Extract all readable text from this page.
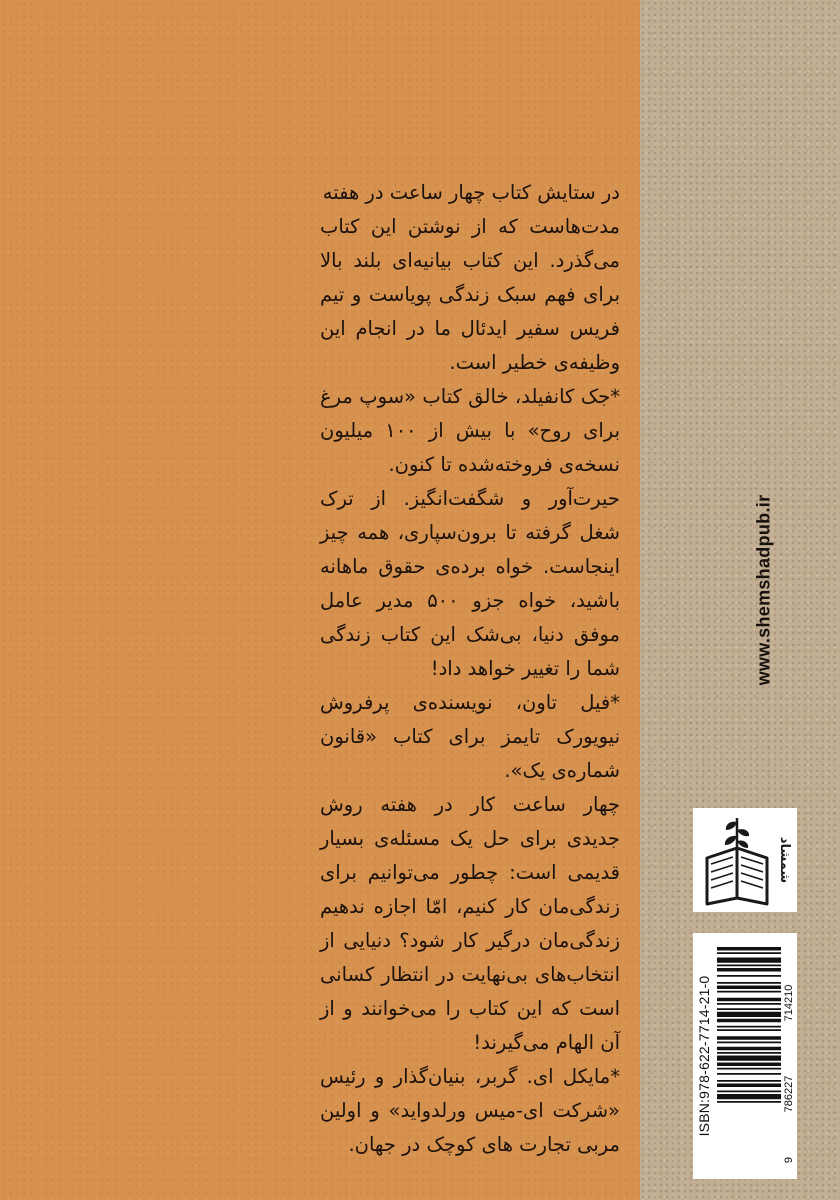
در ستایش کتاب چهار ساعت در هفته

مدت‌هاست که از نوشتن این کتاب می‌گذرد. این کتاب بیانیه‌ای بلند بالا برای فهم سبک زندگی پویاست و تیم فریس سفیر ایدئال ما در انجام این وظیفه‌ی خطیر است.

*جک کانفیلد، خالق کتاب «سوپ مرغ برای روح» با بیش از ۱۰۰ میلیون نسخه‌ی فروخته‌شده تا کنون.

حیرت‌آور و شگفت‌انگیز. از ترک شغل گرفته تا برون‌سپاری، همه چیز اینجاست. خواه برده‌ی حقوق ماهانه باشید، خواه جزو ۵۰۰ مدیر عامل موفق دنیا، بی‌شک این کتاب زندگی شما را تغییر خواهد داد!

*فیل تاون، نویسنده‌ی پرفروش نیویورک تایمز برای کتاب «قانون شماره‌ی یک».

چهار ساعت کار در هفته روش جدیدی برای حل یک مسئله‌ی بسیار قدیمی است: چطور می‌توانیم برای زندگی‌مان کار کنیم، امّا اجازه ندهیم زندگی‌مان درگیر کار شود؟ دنیایی از انتخاب‌های بی‌نهایت در انتظار کسانی است که این کتاب را می‌خوانند و از آن الهام می‌گیرند!

*مایکل ای. گربر، بنیان‌گذار و رئیس «شرکت ای-میس ورلدواید» و اولین مربی تجارت های کوچک در جهان.

www.shemshadpub.ir
شمشاد
ISBN:978-622-7714-21-0
9
786227
714210
